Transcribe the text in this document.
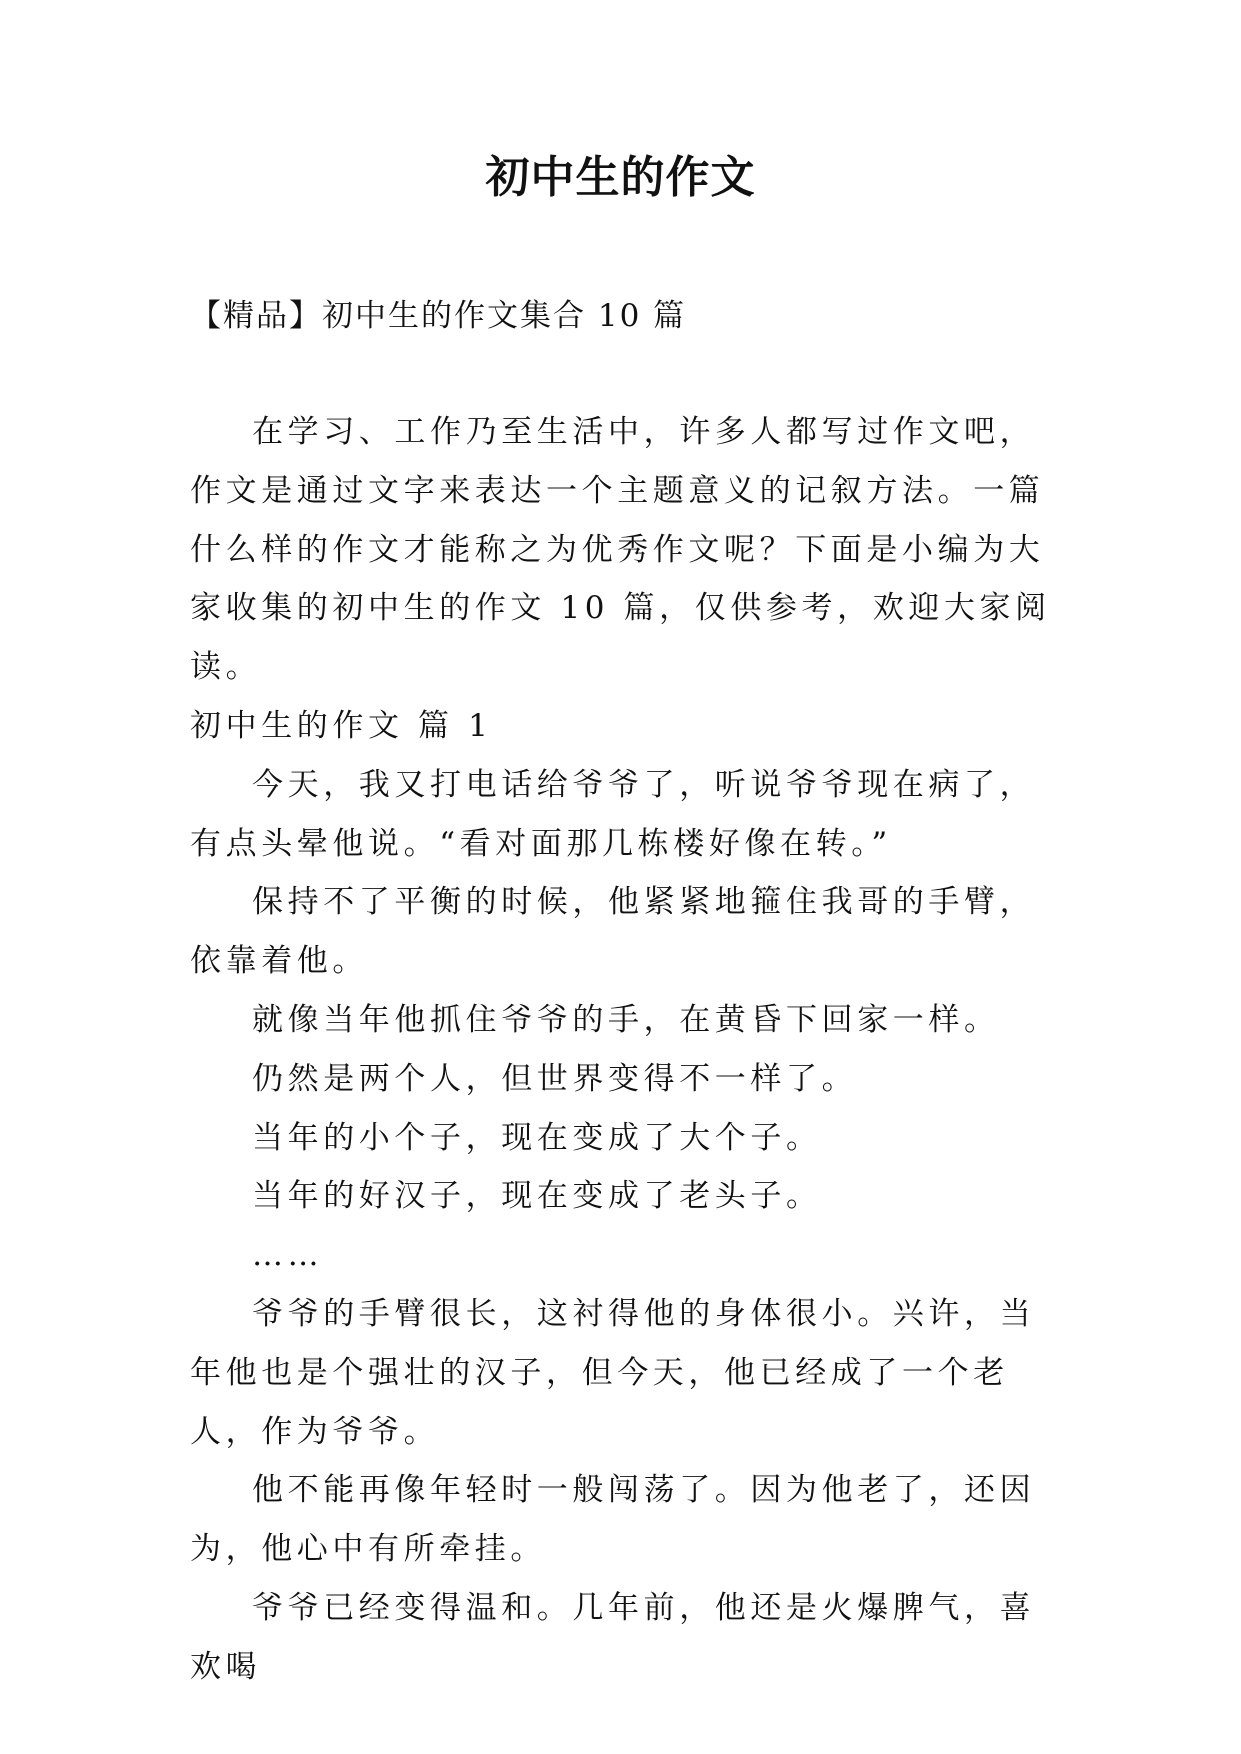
初中生的作文
【精品】初中生的作文集合 10 篇

在学习、工作乃至生活中，许多人都写过作文吧，作文是通过文字来表达一个主题意义的记叙方法。一篇什么样的作文才能称之为优秀作文呢？下面是小编为大家收集的初中生的作文 10 篇，仅供参考，欢迎大家阅读。

初中生的作文 篇 1

今天，我又打电话给爷爷了，听说爷爷现在病了，有点头晕他说。“看对面那几栋楼好像在转。”

保持不了平衡的时候，他紧紧地箍住我哥的手臂，依靠着他。

就像当年他抓住爷爷的手，在黄昏下回家一样。

仍然是两个人，但世界变得不一样了。

当年的小个子，现在变成了大个子。

当年的好汉子，现在变成了老头子。

……

爷爷的手臂很长，这衬得他的身体很小。兴许，当年他也是个强壮的汉子，但今天，他已经成了一个老人，作为爷爷。

他不能再像年轻时一般闯荡了。因为他老了，还因为，他心中有所牵挂。

爷爷已经变得温和。几年前，他还是火爆脾气，喜欢喝
